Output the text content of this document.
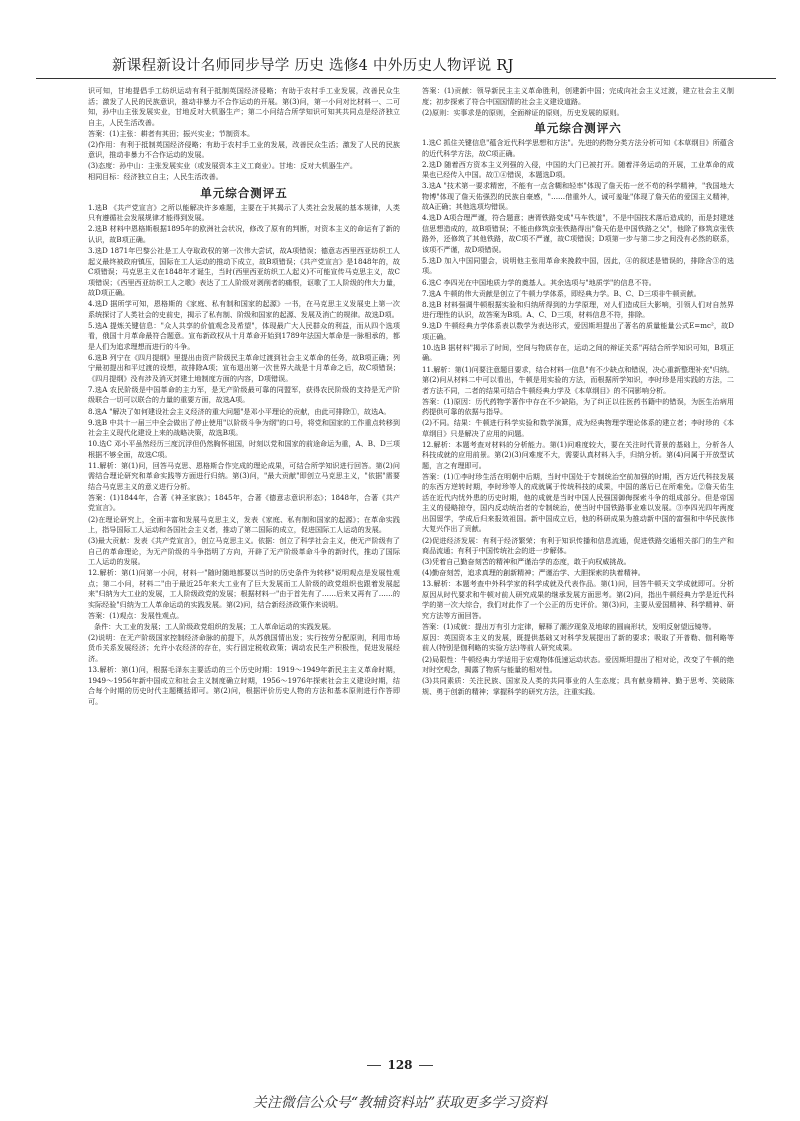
新课程新设计名师同步导学 历史 选修4 中外历史人物评说 RJ

识可知，甘地提倡手工纺织运动有利于抵制英国经济侵略；有助于农村手工业发展，改善民众生活；激发了人民的民族意识，推动非暴力不合作运动的开展。第(3)问，第一小问对比材料一、二可知，孙中山主张发展实业，甘地反对大机器生产；第二小问结合所学知识可知其共同点是经济独立自主，人民生活改善。

答案：(1)主张：耕者有其田；振兴实业；节制资本。

(2)作用：有利于抵制英国经济侵略；有助于农村手工业的发展，改善民众生活；激发了人民的民族意识，推动非暴力不合作运动的发展。

(3)态度：孙中山：主张发展实业（或发展资本主义工商业）。甘地：反对大机器生产。

相同目标：经济独立自主；人民生活改善。

单元综合测评五

1.选B 《共产党宣言》之所以能解决许多难题，主要在于其揭示了人类社会发展的基本规律，人类只有遵循社会发展规律才能得到发展。

2.选B 材料中恩格斯根据1895年的欧洲社会状况，修改了原有的判断，对资本主义的命运有了新的认识，故B项正确。

3.选D 1871年巴黎公社是工人夺取政权的第一次伟大尝试，故A项错误；德意志西里西亚纺织工人起义最终被政府镇压，国际在工人运动的推动下成立，故B项错误；《共产党宣言》是1848年的，故C项错误；马克思主义在1848年才诞生，当时(西里西亚纺织工人起义)不可能宣传马克思主义，故C项错误；《西里西亚纺织工人之歌》表达了工人阶级对剥削者的痛恨，讴歌了工人阶级的伟大力量，故D项正确。

4.选D 据所学可知，恩格斯的《家庭、私有制和国家的起源》一书，在马克思主义发展史上第一次系统探讨了人类社会的史前史，揭示了私有制、阶级和国家的起源、发展及消亡的规律。故选D项。

5.选A 提炼关键信息："众人共享的价值观念及希望"，体现最广大人民群众的利益，而从四个选项看，俄国十月革命最符合题意。宣布新政权从十月革命开始到1789年法国大革命是一脉相承的，都是人们为追求理想而进行的斗争。

6.选B 列宁在《四月提纲》里提出由资产阶级民主革命过渡到社会主义革命的任务，故B项正确；列宁最初提出和平过渡的设想，故排除A项；宣布退出第一次世界大战是十月革命之后，故C项错误；《四月提纲》没有涉及消灭封建土地制度方面的内容，D项错误。

7.选A 农民阶级是中国革命的主力军，是无产阶级最可靠的同盟军，获得农民阶级的支持是无产阶级联合一切可以联合的力量的重要方面，故选A项。

8.选A "解决了如何建设社会主义经济的重大问题"是邓小平理论的贡献，由此可排除①，故选A。

9.选B 中共十一届三中全会做出了停止使用"以阶级斗争为纲"的口号，将党和国家的工作重点转移到社会主义现代化建设上来的战略决策，故选B项。

10.选C 邓小平虽然经历三度沉浮但仍然胸怀祖国，时刻以党和国家的前途命运为重，A、B、D三项根据不够全面，故选C项。

11.解析：第(1)问，回答马克思、恩格斯合作完成的理论成果，可结合所学知识进行回答。第(2)问需结合理论研究和革命实践等方面进行归纳。第(3)问，"最大贡献"即创立马克思主义，"依据"需要结合马克思主义的意义进行分析。

答案：(1)1844年，合著《神圣家族》；1845年，合著《德意志意识形态》；1848年，合著《共产党宣言》。

(2)在理论研究上，全面丰富和发展马克思主义，发表《家庭、私有制和国家的起源》；在革命实践上，指导国际工人运动和各国社会主义者，推动了第二国际的成立，促进国际工人运动的发展。

(3)最大贡献：发表《共产党宣言》，创立马克思主义。依据：创立了科学社会主义，使无产阶级有了自己的革命理论，为无产阶级的斗争指明了方向，开辟了无产阶级革命斗争的新时代，推动了国际工人运动的发展。

12.解析：第(1)问第一小问，材料一"随时随地都要以当时的历史条件为转移"说明观点是发展性观点；第二小问，材料二"由于最近25年来大工业有了巨大发展而工人阶级的政党组织也跟着发展起来"归纳为大工业的发展，工人阶级政党的发展；根据材料一"由于首先有了……后来又再有了……的实际经验"归纳为工人革命运动的实践发展。第(2)问，结合新经济政策作来说明。

答案：(1)观点：发展性观点。

条件：大工业的发展；工人阶级政党组织的发展；工人革命运动的实践发展。

(2)说明：在无产阶级国家控制经济命脉的前提下，从苏俄国情出发；实行按劳分配原则，利用市场货币关系发展经济；允许小农经济的存在，实行固定税收政策；调动农民生产积极性，促进发展经济。

13.解析：第(1)问，根据毛泽东主要活动的三个历史时期：1919～1949年新民主主义革命时期，1949～1956年新中国成立和社会主义制度确立时期，1956～1976年探索社会主义建设时期，结合每个时期的历史时代主题概括即可。第(2)问，根据评价历史人物的方法和基本原则进行作答即可。

答案：(1)贡献：领导新民主主义革命胜利，创建新中国；完成向社会主义过渡，建立社会主义制度；初步探索了符合中国国情的社会主义建设道路。

(2)原则：实事求是的原则，全面辩证的原则，历史发展的原则。

单元综合测评六

1.选C 抓住关键信息"蕴含近代科学思想和方法"。先进的药物分类方法分析可知《本草纲目》所蕴含的近代科学方法，故C项正确。

2.选D 随着西方资本主义列强的入侵，中国的大门已被打开。随着洋务运动的开展，工业革命的成果也已经传入中国。故①④错误，本题选D项。

3.选A "技术第一要求精密，不能有一点含糊和轻率"体现了詹天佑一丝不苟的科学精神，"我国地大物博"体现了詹天佑强烈的民族自豪感，"……借重外人，诚可羞耻"体现了詹天佑的爱国主义精神，故A正确；其他选项均错误。

4.选D A项合理严谨，符合题意；唐胥铁路变成"马车铁道"，不是中国技术落后造成的，而是封建迷信思想造成的，故B项错误；不能由修筑京张铁路得出"詹天佑是中国铁路之父"，他除了修筑京张铁路外，还修筑了其他铁路，故C项不严谨，故C项错误；D项第一步与第二步之间没有必然的联系，该项不严谨，故D项错误。

5.选D 加入中国同盟会，说明他主张用革命来挽救中国，因此，④的叙述是错误的，排除含③的选项。

6.选C 李四光在中国地质力学的奠基人。其余选项与"地质学"的信息不符。

7.选A 牛顿的伟大贡献是创立了牛顿力学体系，即经典力学。B、C、D三项非牛顿贡献。

8.选B 材料强调牛顿根据实验和归纳所得到的力学原理，对人们造成巨大影响，引领人们对自然界进行理性的认识，故答案为B项。A、C、D三项，材料信息不符，排除。

9.选D 牛顿经典力学体系表以数学为表达形式，爱因斯坦提出了著名的质量能量公式E=mc²，故D项正确。

10.选B 据材料"揭示了时间，空间与物质存在，运动之间的辩证关系"再结合所学知识可知，B项正确。

11.解析：第(1)问要注意题目要求，结合材料一信息"有不少缺点和错误，决心重新整理补充"归纳。第(2)问从材料二中可以看出，牛顿是用实验的方法，而根据所学知识，李时珍是用实践的方法，二者方法不同，二者的结果可结合牛顿经典力学及《本草纲目》的不同影响分析。

答案：(1)原因：历代药物学著作中存在不少缺陷，为了纠正以往医药书籍中的错误，为医生治病用药提供可靠的依据与指导。

(2)不同。结果：牛顿进行科学实验和数学演算，成为经典物理学理论体系的建立者；李时珍的《本草纲目》只是解决了应用的问题。

12.解析：本题考查对材料的分析能力。第(1)问难度较大，要在关注时代背景的基础上，分析各人科技成就的应用前景。第(2)(3)问难度不大，需要认真材料入手，归纳分析。第(4)问属于开放型试题，言之有理即可。

答案：(1)①李时珍生活在明朝中后期，当时中国处于专制统治空前加强的时期，西方近代科技发展的东西方逆转时期，李时珍等人的成就属于传统科技的成果，中国的落后已在所难免。②詹天佑生活在近代内忧外患的历史时期，他的成就是当时中国人民强国御侮探索斗争的组成部分。但是帝国主义的侵略掠夺，国内反动统治者的专制统治，使当时中国铁路事业难以发展。③李四光四年两度出国留学，学成后归来报效祖国。新中国成立后，他的科研成果为推动新中国的富强和中华民族伟大复兴作出了贡献。

(2)促进经济发展：有利于经济繁荣；有利于知识传播和信息流通，促进铁路交通相关部门的生产和商品流通；有利于中国传统社会的进一步解体。

(3)凭着自己勤奋刻苦的精神和严谨治学的态度，敢于向权威挑战。

(4)勤奋刻苦，追求真理的創新精神；严谨治学、大胆探索的执着精神。

13.解析：本题考查中外科学家的科学成就及代表作品。第(1)问，回答牛顿天文学成就即可。分析原因从时代要求和牛顿对前人研究成果的继承发展方面思考。第(2)问，指出牛顿经典力学是近代科学的第一次大综合，我们对此作了一个公正的历史评价。第(3)问，主要从爱国精神、科学精神、研究方法等方面回答。

答案：(1)成就：提出万有引力定律，解释了潮汐现象及地球的圆扁形状，发明反射望远镜等。

原因：英国资本主义的发展，既提供基础又对科学发展提出了新的要求；吸取了开普勒、伽利略等前人(特别是伽利略的实验方法)等前人研究成果。

(2)局限性：牛顿经典力学适用于宏观物体低速运动状态。爱因斯坦提出了相对论，改变了牛顿的绝对时空观念，揭露了物质与能量的相对性。

(3)共同素质：关注民族、国家及人类的共同事业的人生态度；具有献身精神、勤于思考、笑破陈规、勇于创新的精神；掌握科学的研究方法，注重实践。

128
关注微信公众号“教辅资料站”获取更多学习资料
